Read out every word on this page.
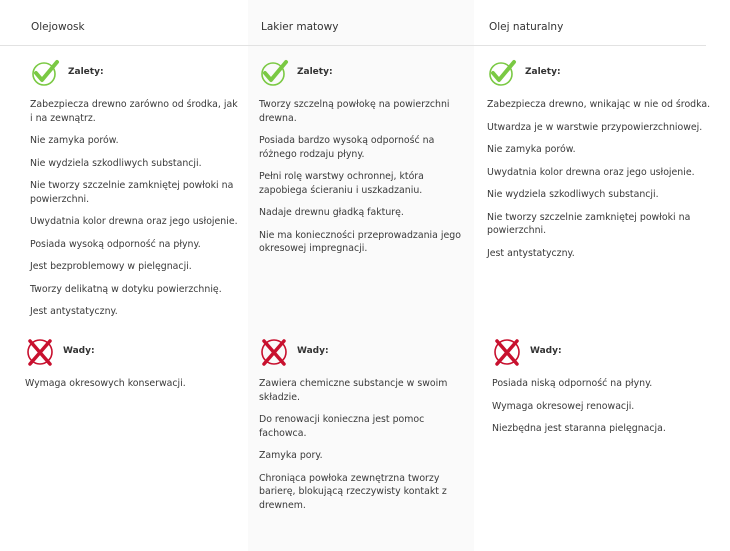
Olejowosk
Zalety:
Zabezpiecza drewno zarówno od środka, jak i na zewnątrz.
Nie zamyka porów.
Nie wydziela szkodliwych substancji.
Nie tworzy szczelnie zamkniętej powłoki na powierzchni.
Uwydatnia kolor drewna oraz jego usłojenie.
Posiada wysoką odporność na płyny.
Jest bezproblemowy w pielęgnacji.
Tworzy delikatną w dotyku powierzchnię.
Jest antystatyczny.
Wady:
Wymaga okresowych konserwacji.
Lakier matowy
Zalety:
Tworzy szczelną powłokę na powierzchni drewna.
Posiada bardzo wysoką odporność na różnego rodzaju płyny.
Pełni rolę warstwy ochronnej, która zapobiega ścieraniu i uszkadzaniu.
Nadaje drewnu gładką fakturę.
Nie ma konieczności przeprowadzania jego okresowej impregnacji.
Wady:
Zawiera chemiczne substancje w swoim składzie.
Do renowacji konieczna jest pomoc fachowca.
Zamyka pory.
Chroniąca powłoka zewnętrzna tworzy barierę, blokującą rzeczywisty kontakt z drewnem.
Olej naturalny
Zalety:
Zabezpiecza drewno, wnikając w nie od środka.
Utwardza je w warstwie przypowierzchniowej.
Nie zamyka porów.
Uwydatnia kolor drewna oraz jego usłojenie.
Nie wydziela szkodliwych substancji.
Nie tworzy szczelnie zamkniętej powłoki na powierzchni.
Jest antystatyczny.
Wady:
Posiada niską odporność na płyny.
Wymaga okresowej renowacji.
Niezbędna jest staranna pielęgnacja.
